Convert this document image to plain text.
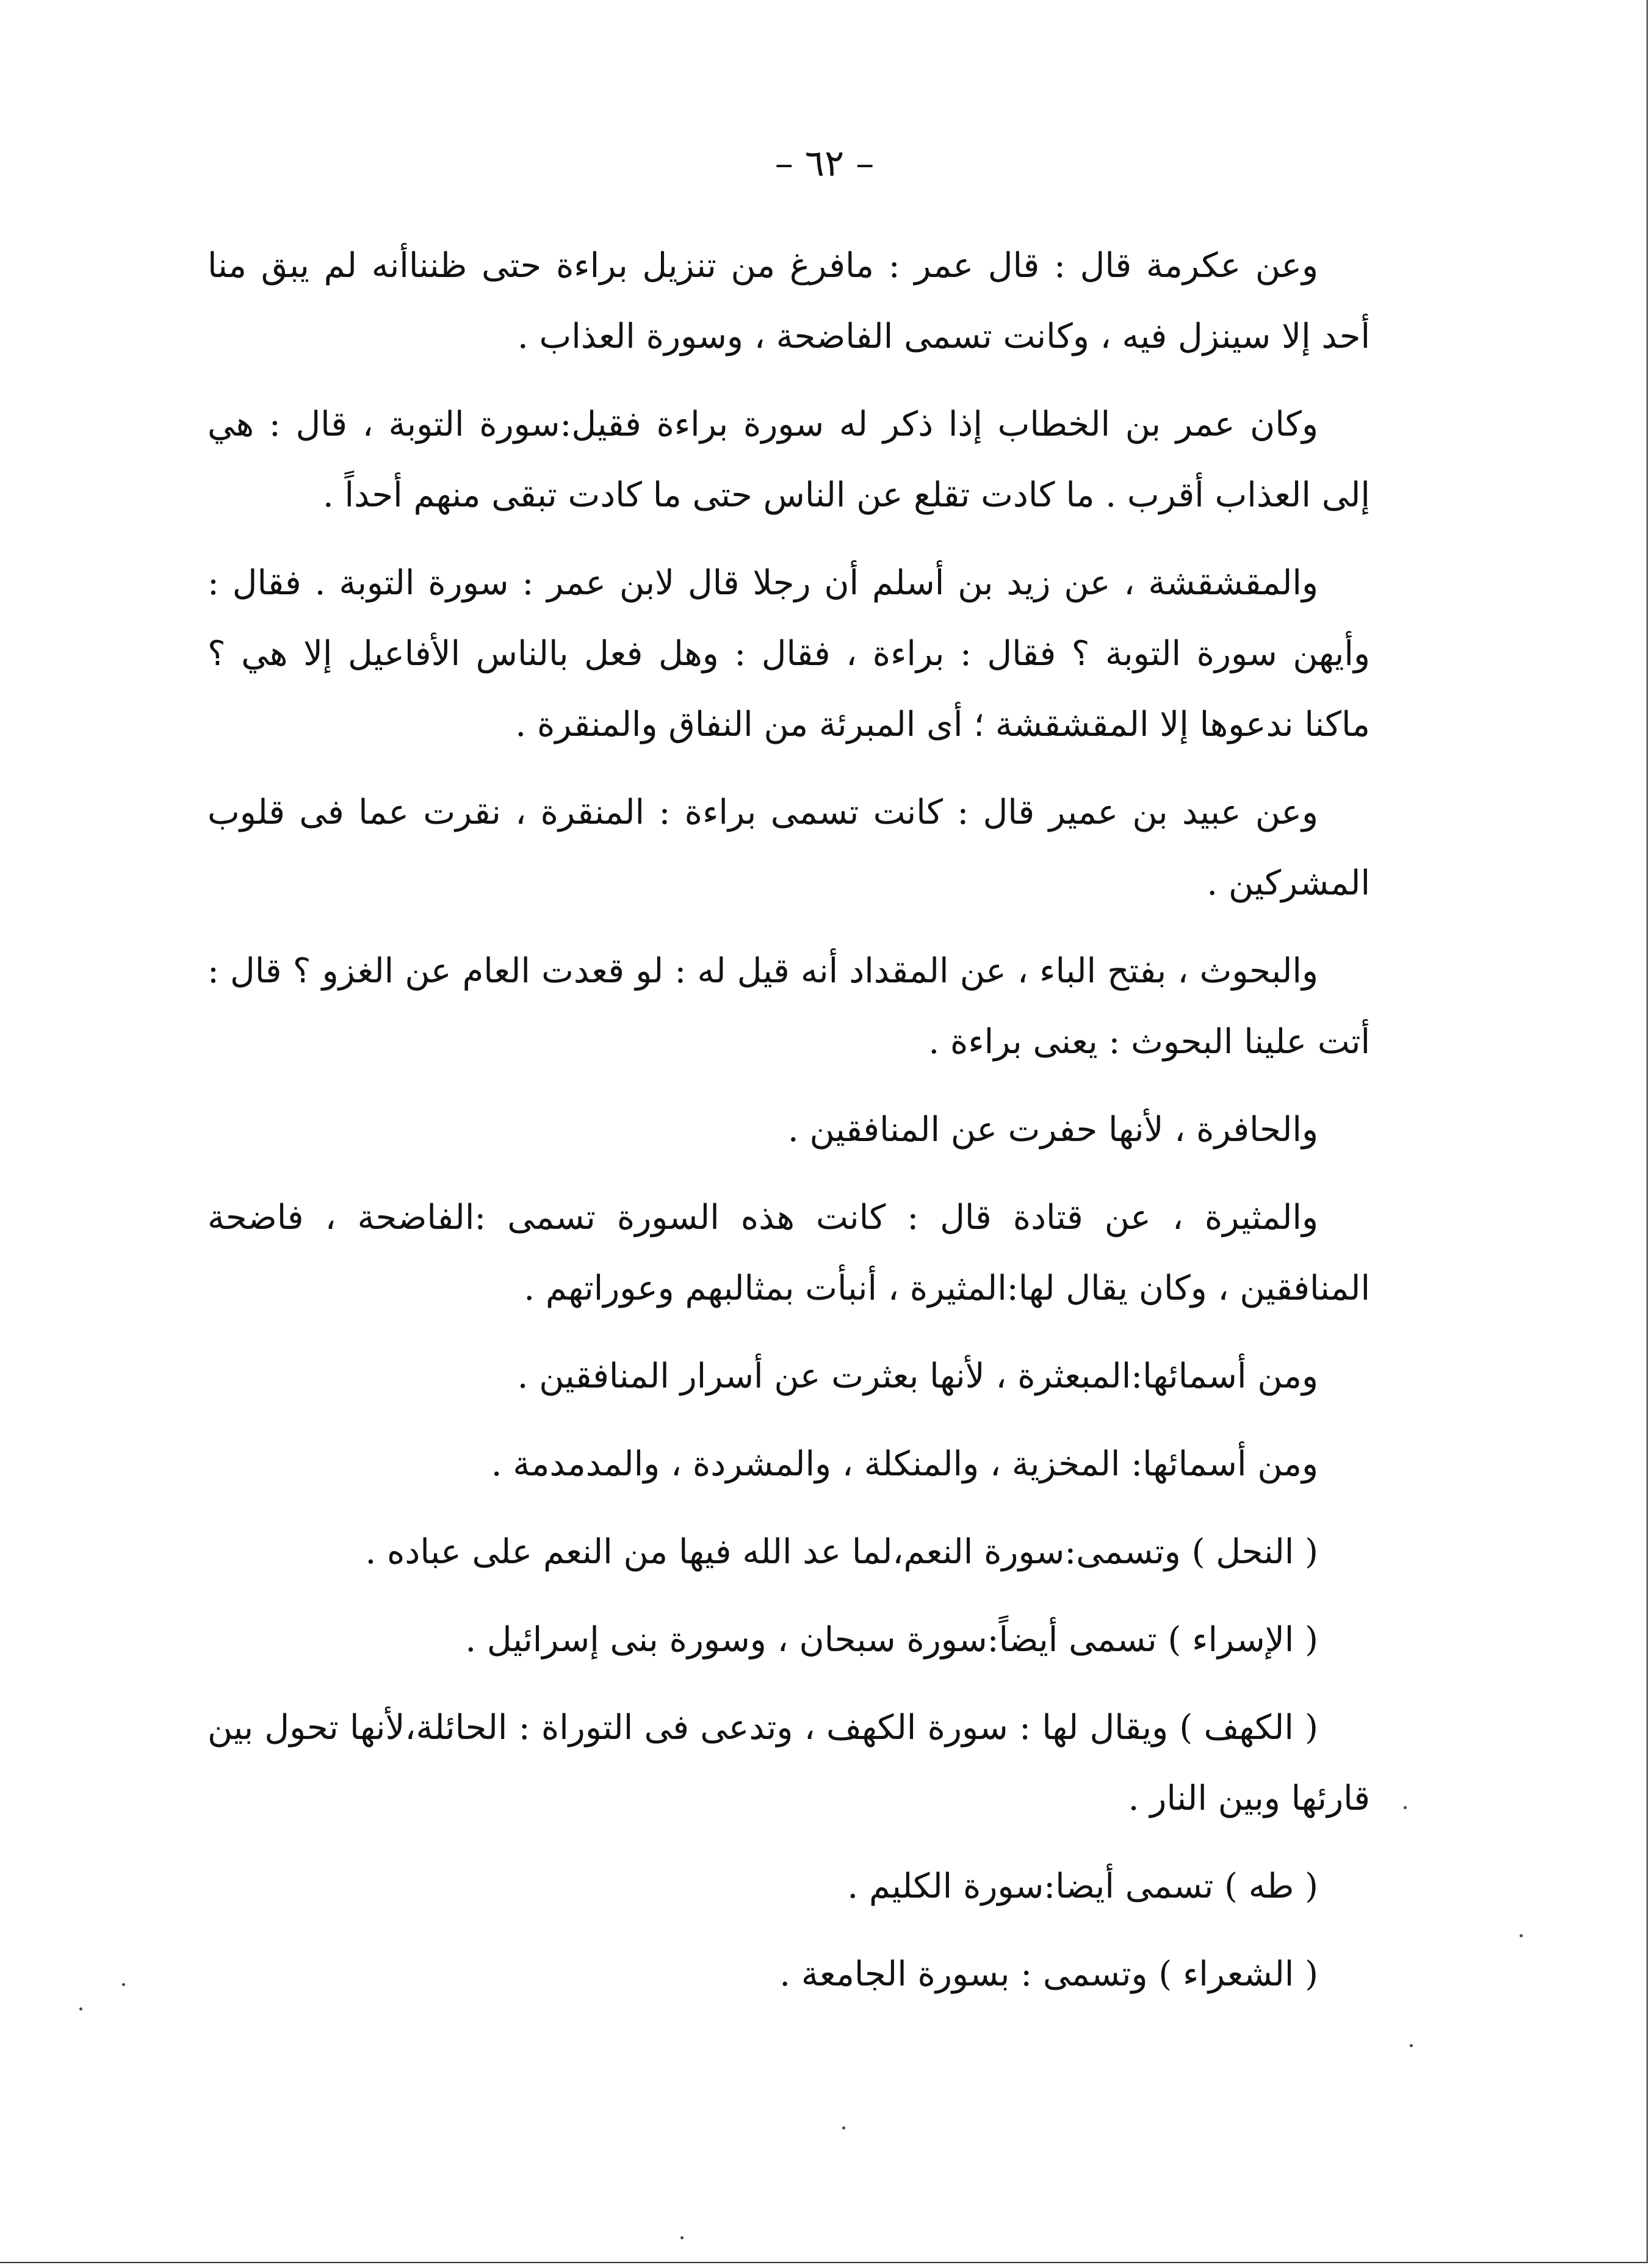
– ٦٢ –

وعن عكرمة قال : قال عمر : مافرغ من تنزيل براءة حتى ظنناأنه لم يبق منا أحد إلا سينزل فيه ، وكانت تسمى الفاضحة ، وسورة العذاب .

وكان عمر بن الخطاب إذا ذكر له سورة براءة فقيل:سورة التوبة ، قال : هي إلى العذاب أقرب . ما كادت تقلع عن الناس حتى ما كادت تبقى منهم أحداً .

والمقشقشة ، عن زيد بن أسلم أن رجلا قال لابن عمر : سورة التوبة . فقال : وأيهن سورة التوبة ؟ فقال : براءة ، فقال : وهل فعل بالناس الأفاعيل إلا هي ؟ ماكنا ندعوها إلا المقشقشة ؛ أى المبرئة من النفاق والمنقرة .

وعن عبيد بن عمير قال : كانت تسمى براءة : المنقرة ، نقرت عما فى قلوب المشركين .

والبحوث ، بفتح الباء ، عن المقداد أنه قيل له : لو قعدت العام عن الغزو ؟ قال : أتت علينا البحوث : يعنى براءة .

والحافرة ، لأنها حفرت عن المنافقين .

والمثيرة ، عن قتادة قال : كانت هذه السورة تسمى :الفاضحة ، فاضحة المنافقين ، وكان يقال لها:المثيرة ، أنبأت بمثالبهم وعوراتهم .

ومن أسمائها:المبعثرة ، لأنها بعثرت عن أسرار المنافقين .

ومن أسمائها: المخزية ، والمنكلة ، والمشردة ، والمدمدمة .

( النحل ) وتسمى:سورة النعم،لما عد الله فيها من النعم على عباده .

( الإسراء ) تسمى أيضاً:سورة سبحان ، وسورة بنى إسرائيل .

( الكهف ) ويقال لها : سورة الكهف ، وتدعى فى التوراة : الحائلة،لأنها تحول بين قارئها وبين النار .

( طه ) تسمى أيضا:سورة الكليم .

( الشعراء ) وتسمى : بسورة الجامعة .
